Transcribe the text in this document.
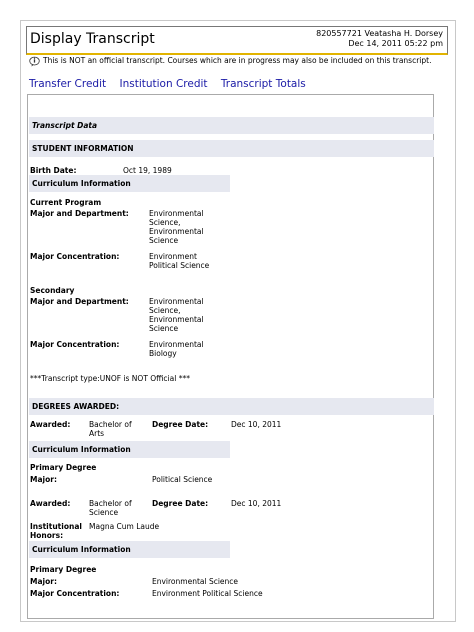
Display Transcript	820557721 Veatasha H. Dorsey
Dec 14, 2011 05:22 pm
This is NOT an official transcript. Courses which are in progress may also be included on this transcript.
Transfer Credit Institution Credit Transcript Totals
Transcript Data
STUDENT INFORMATION
Birth Date:	Oct 19, 1989
Curriculum Information
Current Program
Major and Department:	Environmental Science, Environmental Science
Major Concentration:	Environment Political Science
Secondary
Major and Department:	Environmental Science, Environmental Science
Major Concentration:	Environmental Biology
***Transcript type:UNOF is NOT Official ***
DEGREES AWARDED:
Awarded: Bachelor of Arts
Degree Date:	Dec 10, 2011
Curriculum Information
Primary Degree
Major:	Political Science
Awarded: Bachelor of Science
Degree Date:	Dec 10, 2011
Institutional Honors:
Magna Cum Laude
Curriculum Information
Primary Degree
Major:	Environmental Science
Major Concentration:	Environment Political Science
